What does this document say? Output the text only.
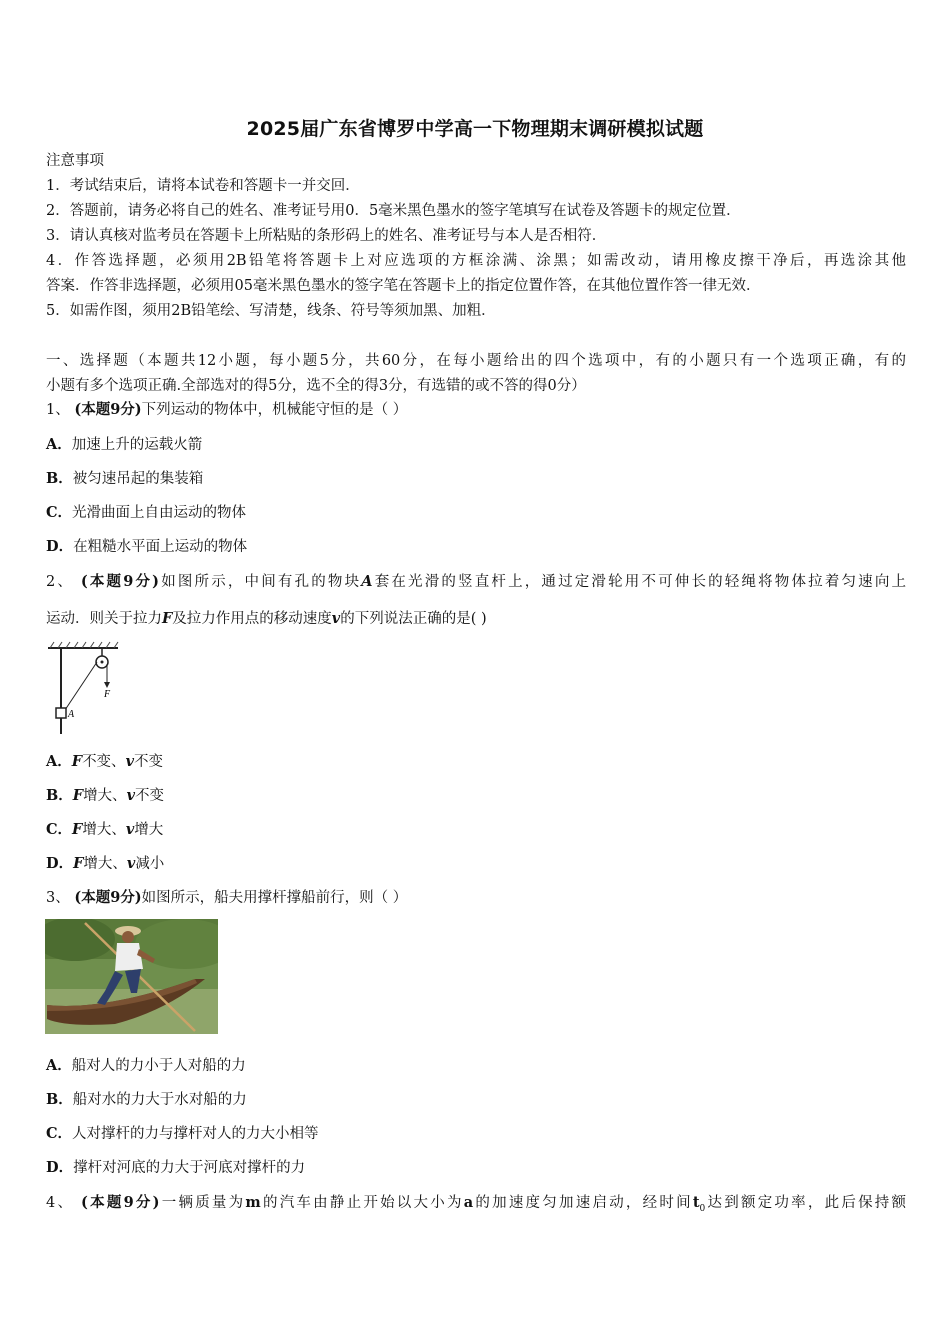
2025届广东省博罗中学高一下物理期末调研模拟试题
注意事项
1．考试结束后，请将本试卷和答题卡一并交回．
2．答题前，请务必将自己的姓名、准考证号用0．5毫米黑色墨水的签字笔填写在试卷及答题卡的规定位置．
3．请认真核对监考员在答题卡上所粘贴的条形码上的姓名、准考证号与本人是否相符．
4．作答选择题，必须用2B铅笔将答题卡上对应选项的方框涂满、涂黑；如需改动，请用橡皮擦干净后，再选涂其他
答案．作答非选择题，必须用05毫米黑色墨水的签字笔在答题卡上的指定位置作答，在其他位置作答一律无效．
5．如需作图，须用2B铅笔绘、写清楚，线条、符号等须加黑、加粗．
一、选择题（本题共12小题，每小题5分，共60分，在每小题给出的四个选项中，有的小题只有一个选项正确，有的
小题有多个选项正确.全部选对的得5分，选不全的得3分，有选错的或不答的得0分）
1、 (本题9分)下列运动的物体中，机械能守恒的是（ ）
A．加速上升的运载火箭
B．被匀速吊起的集装箱
C．光滑曲面上自由运动的物体
D．在粗糙水平面上运动的物体
2、 (本题9分)如图所示，中间有孔的物块A套在光滑的竖直杆上，通过定滑轮用不可伸长的轻绳将物体拉着匀速向上
运动．则关于拉力F及拉力作用点的移动速度v的下列说法正确的是( )
F
A
A．F不变、v不变
B．F增大、v不变
C．F增大、v增大
D．F增大、v减小
3、 (本题9分)如图所示，船夫用撑杆撑船前行，则（ ）
A．船对人的力小于人对船的力
B．船对水的力大于水对船的力
C．人对撑杆的力与撑杆对人的力大小相等
D．撑杆对河底的力大于河底对撑杆的力
4、 (本题9分)一辆质量为m的汽车由静止开始以大小为a的加速度匀加速启动，经时间$t_0$达到额定功率，此后保持额
